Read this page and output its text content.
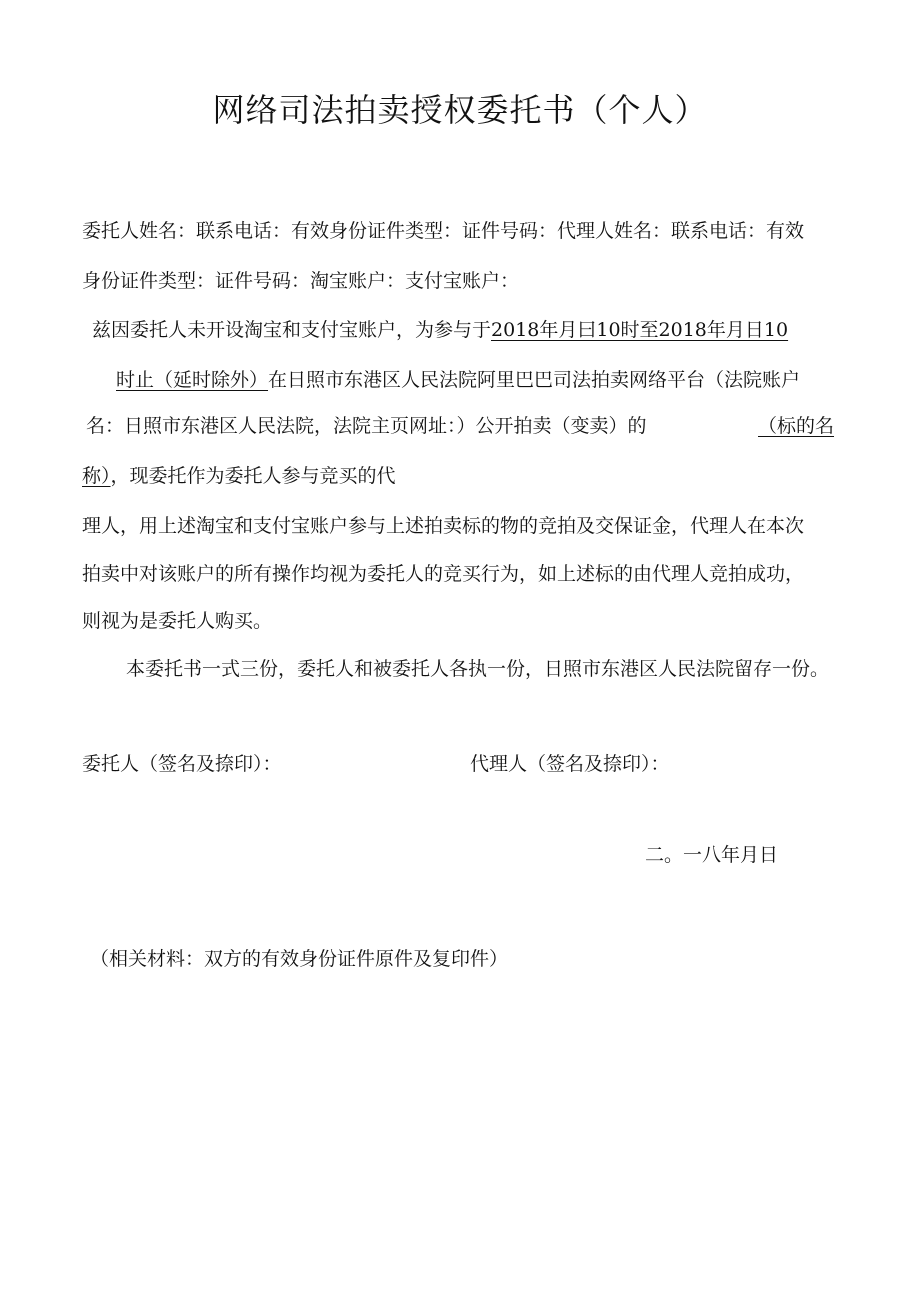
网络司法拍卖授权委托书（个人）
委托人姓名：联系电话：有效身份证件类型：证件号码：代理人姓名：联系电话：有效
身份证件类型：证件号码：淘宝账户：支付宝账户：
兹因委托人未开设淘宝和支付宝账户，为参与于2018年月曰10时至2018年月日10
时止（延时除外）在日照市东港区人民法院阿里巴巴司法拍卖网络平台（法院账户
名：日照市东港区人民法院，法院主页网址：）公开拍卖（变卖）的	（标的名
称），现委托作为委托人参与竞买的代
理人，用上述淘宝和支付宝账户参与上述拍卖标的物的竞拍及交保证金，代理人在本次
拍卖中对该账户的所有操作均视为委托人的竞买行为，如上述标的由代理人竞拍成功，
则视为是委托人购买。
本委托书一式三份，委托人和被委托人各执一份，日照市东港区人民法院留存一份。
委托人（签名及捺印）：	代理人（签名及捺印）：
二。一八年月日
（相关材料：双方的有效身份证件原件及复印件）
